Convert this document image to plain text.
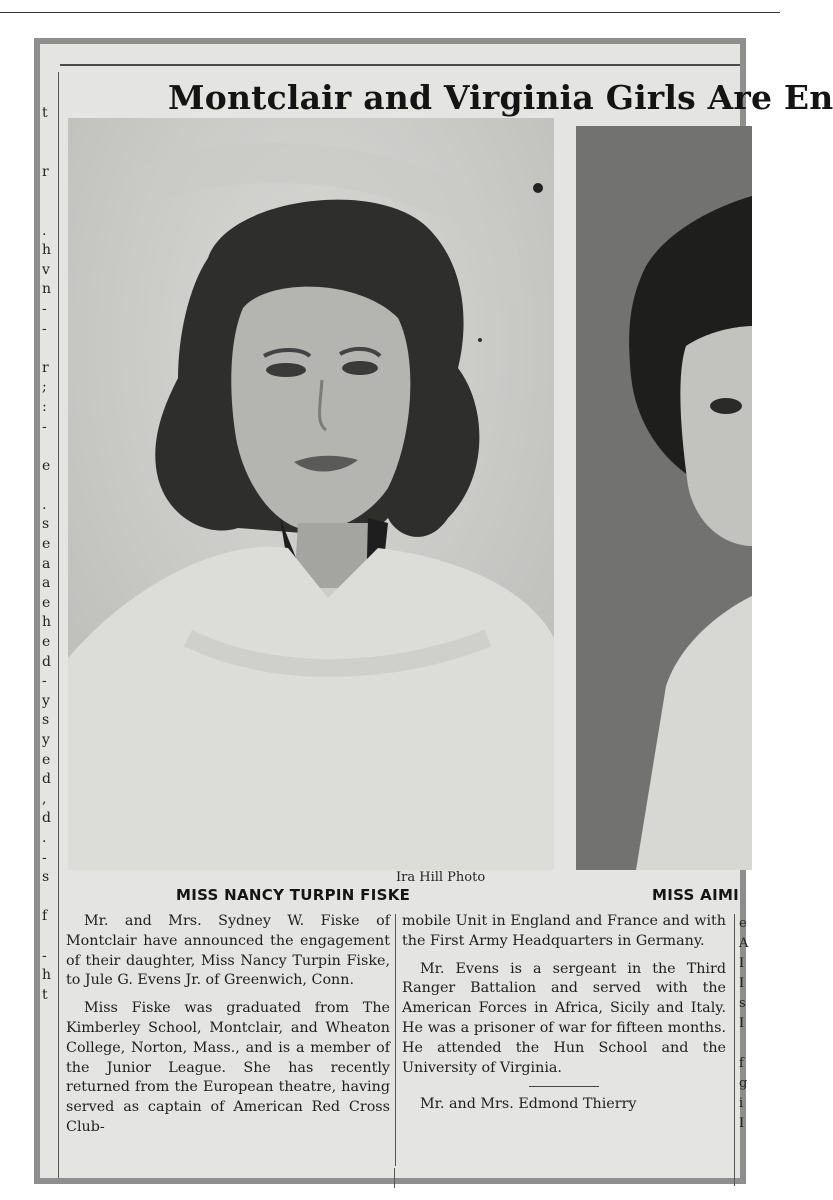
t

r

.
h
v
n
-
-

r
;
:
-

e

.
s
e
a
a
e
h
e
d
-
y
s
y
e
d
,
d
.
-
s

f

-
h
t
Montclair and Virginia Girls Are En
Ira Hill Photo
MISS NANCY TURPIN FISKE	MISS AIMI

Mr. and Mrs. Sydney W. Fiske of Montclair have announced the engagement of their daughter, Miss Nancy Turpin Fiske, to Jule G. Evens Jr. of Greenwich, Conn.

Miss Fiske was graduated from The Kimberley School, Montclair, and Wheaton College, Norton, Mass., and is a member of the Junior League. She has recently returned from the European theatre, having served as captain of American Red Cross Club-

mobile Unit in England and France and with the First Army Headquarters in Germany.

Mr. Evens is a sergeant in the Third Ranger Battalion and served with the American Forces in Africa, Sicily and Italy. He was a prisoner of war for fifteen months. He attended the Hun School and the University of Virginia.

Mr. and Mrs. Edmond Thierry

e
A
I
I
s
I

f
g
i
I
